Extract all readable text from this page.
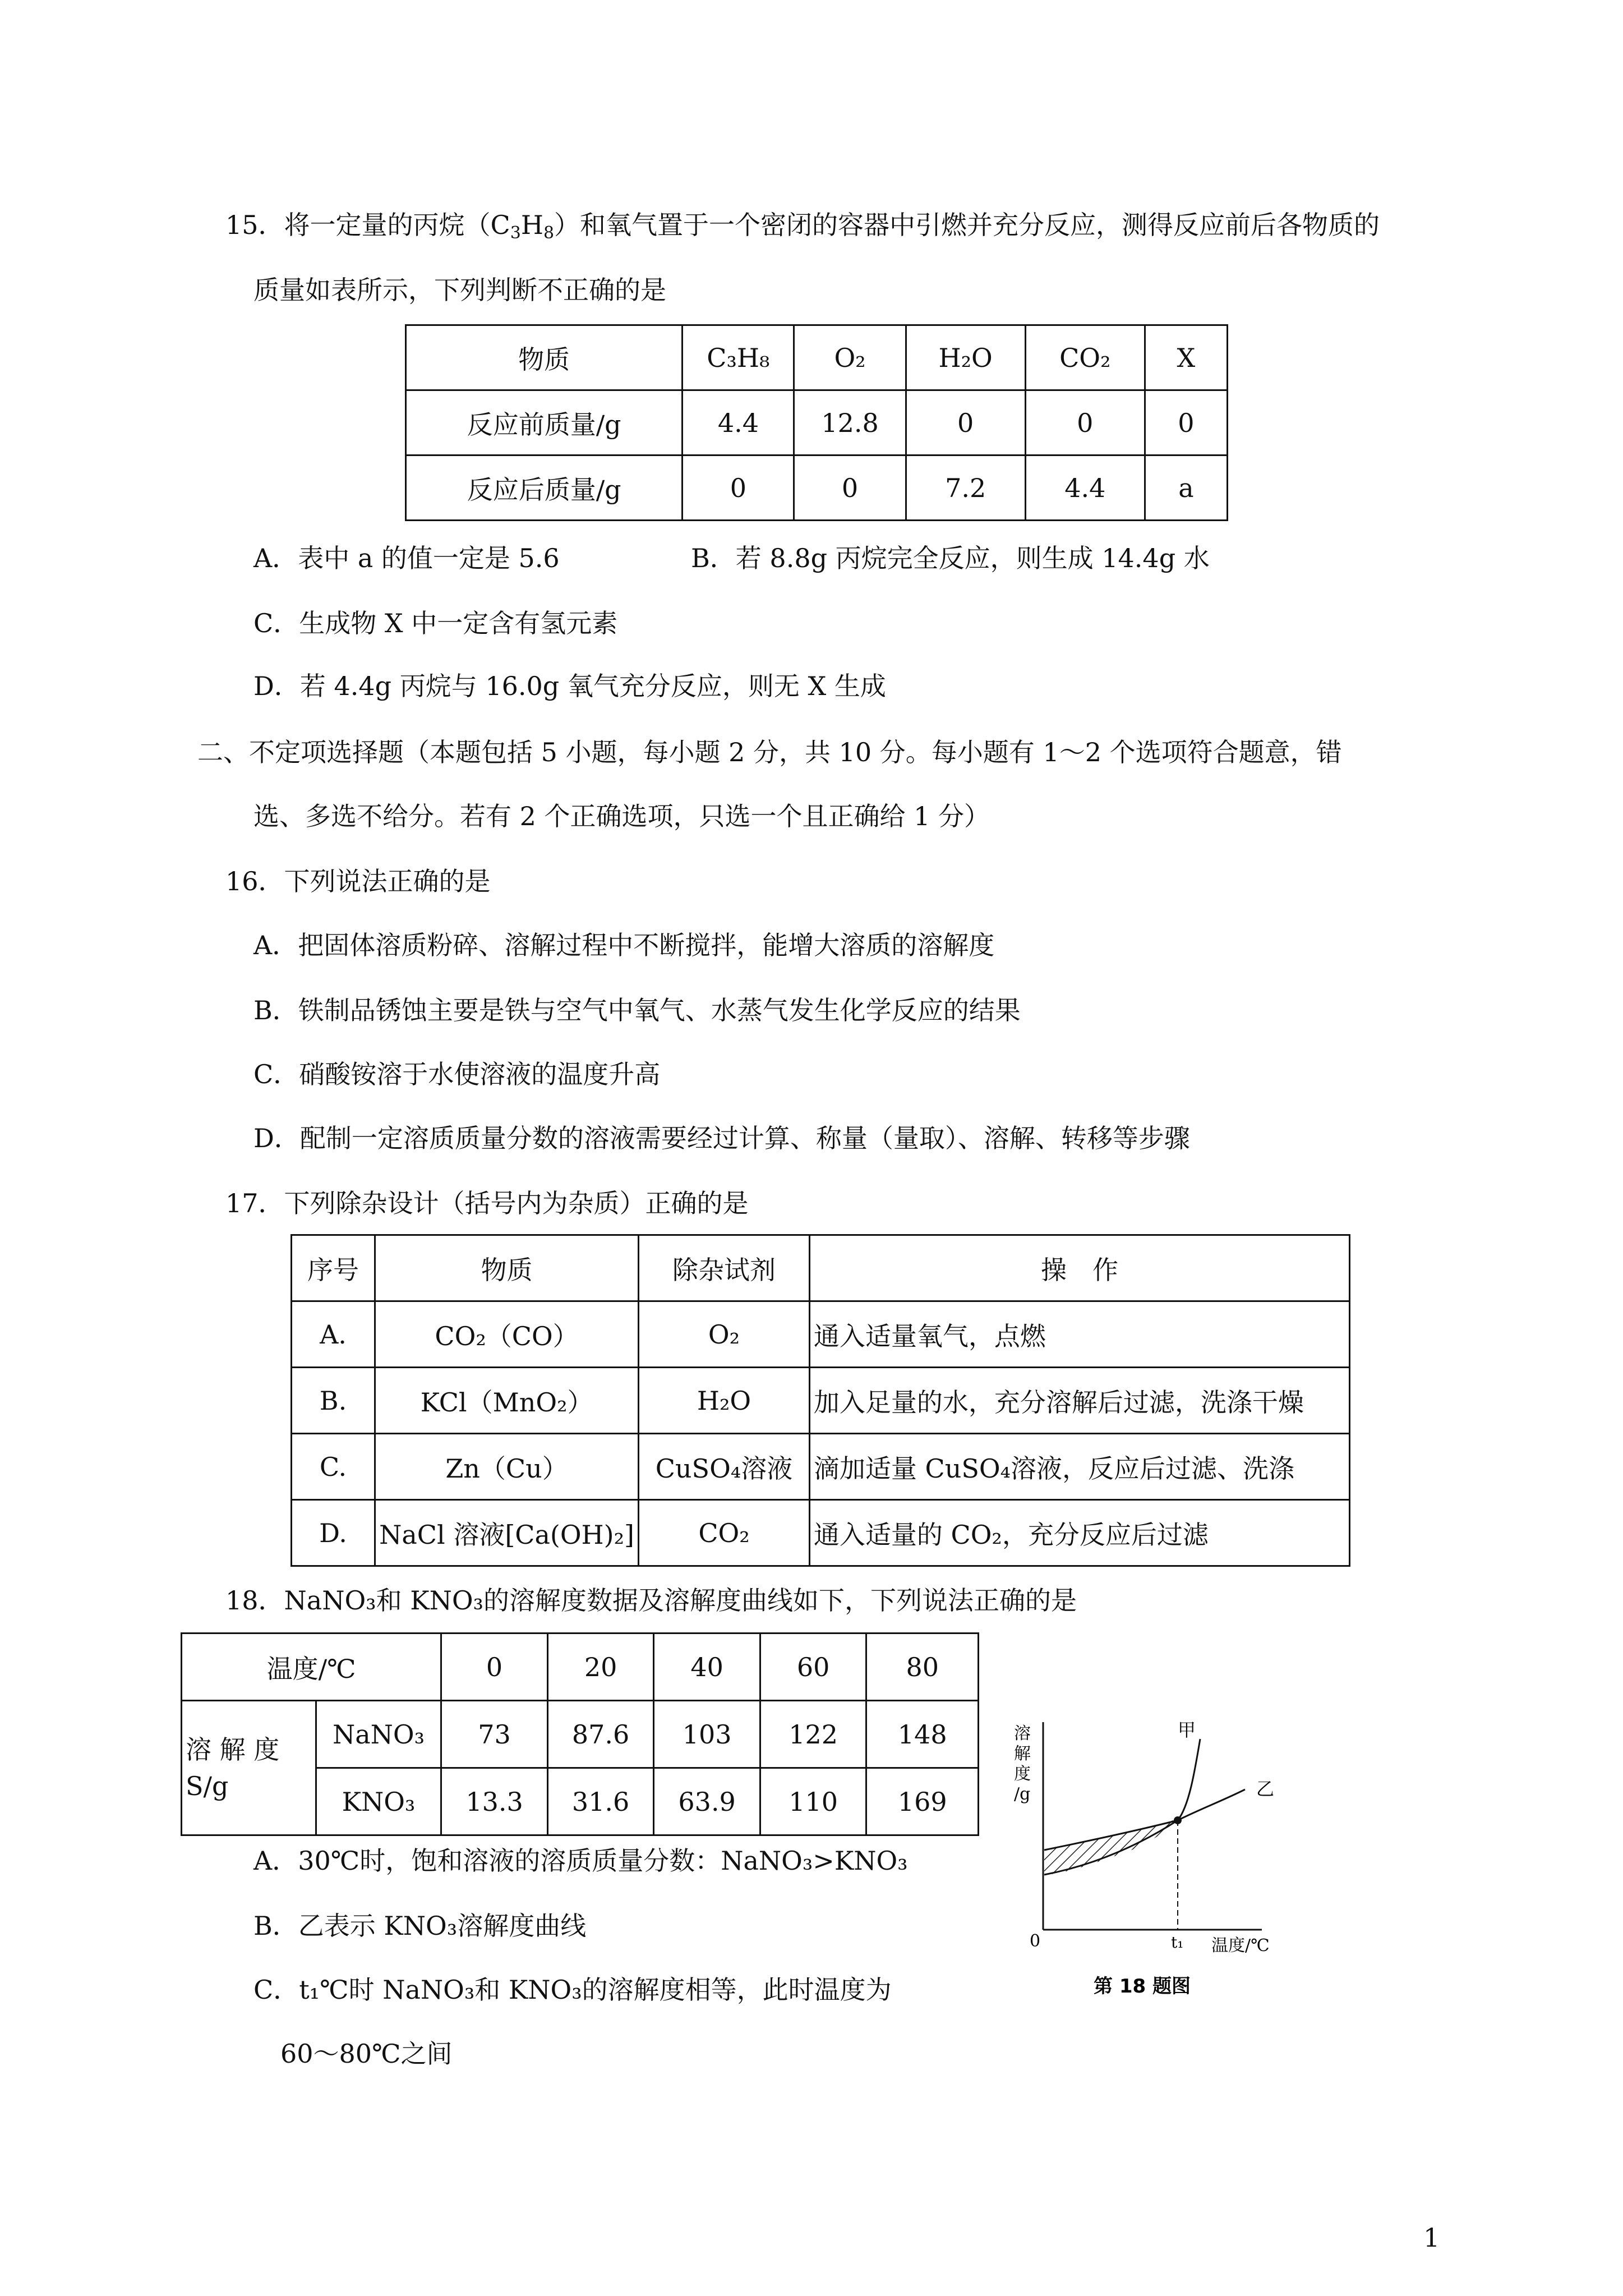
15．将一定量的丙烷$(C_3H_8)$和氧气置于一个密闭的容器中引燃并充分反应，测得反应前后各物质的
质量如表所示，下列判断不正确的是
物质	C₃H₈	O₂	H₂O	CO₂	X
反应前质量/g	4.4	12.8	0	0	0
反应后质量/g	0	0	7.2	4.4	a
A．表中 a 的值一定是 5.6	B．若 8.8g 丙烷完全反应，则生成 14.4g 水
C．生成物 X 中一定含有氢元素
D．若 4.4g 丙烷与 16.0g 氧气充分反应，则无 X 生成
二、不定项选择题（本题包括 5 小题，每小题 2 分，共 10 分。每小题有 1～2 个选项符合题意，错
选、多选不给分。若有 2 个正确选项，只选一个且正确给 1 分）
16．下列说法正确的是
A．把固体溶质粉碎、溶解过程中不断搅拌，能增大溶质的溶解度
B．铁制品锈蚀主要是铁与空气中氧气、水蒸气发生化学反应的结果
C．硝酸铵溶于水使溶液的温度升高
D．配制一定溶质质量分数的溶液需要经过计算、称量（量取）、溶解、转移等步骤
17．下列除杂设计（括号内为杂质）正确的是
序号	物质	除杂试剂	操　作
A.	CO₂（CO）	O₂	通入适量氧气，点燃
B.	KCl（MnO₂）	H₂O	加入足量的水，充分溶解后过滤，洗涤干燥
C.	Zn（Cu）	CuSO₄溶液	滴加适量 CuSO₄溶液，反应后过滤、洗涤
D.	NaCl 溶液[Ca(OH)₂]	CO₂	通入适量的 CO₂，充分反应后过滤
18．NaNO₃和 KNO₃的溶解度数据及溶解度曲线如下，下列说法正确的是
温度/℃		0	20	40	60	80

溶 解 度
S/g	NaNO₃	73	87.6	103	122	148
	KNO₃	13.3	31.6	63.9	110	169
A．30℃时，饱和溶液的溶质质量分数：NaNO₃>KNO₃
B．乙表示 KNO₃溶解度曲线
C．t₁℃时 NaNO₃和 KNO₃的溶解度相等，此时温度为
60～80℃之间
溶
解
度
/g
0	t₁ 温度/℃
甲
乙
第 18 题图
1
